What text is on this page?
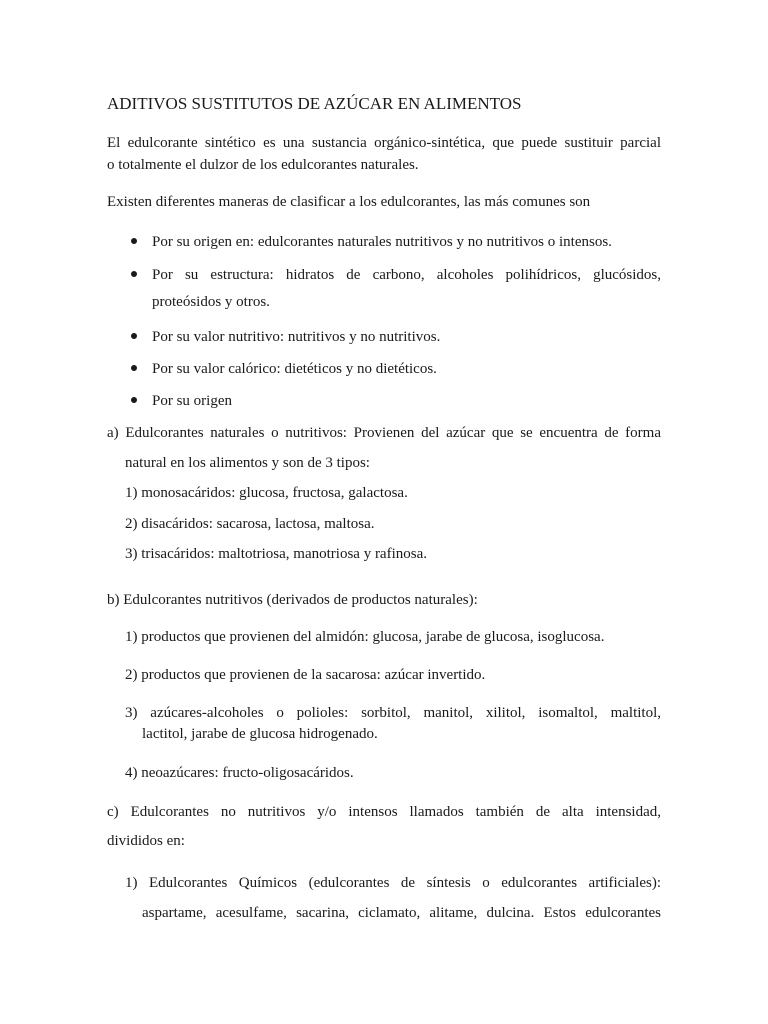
ADITIVOS SUSTITUTOS DE AZÚCAR EN ALIMENTOS
El edulcorante sintético es una sustancia orgánico-sintética, que puede sustituir parcial
o totalmente el dulzor de los edulcorantes naturales.
Existen diferentes maneras de clasificar a los edulcorantes, las más comunes son
Por su origen en: edulcorantes naturales nutritivos y no nutritivos o intensos.
Por su estructura: hidratos de carbono, alcoholes polihídricos, glucósidos,
proteósidos y otros.
Por su valor nutritivo: nutritivos y no nutritivos.
Por su valor calórico: dietéticos y no dietéticos.
Por su origen
a) Edulcorantes naturales o nutritivos: Provienen del azúcar que se encuentra de forma
natural en los alimentos y son de 3 tipos:
1) monosacáridos: glucosa, fructosa, galactosa.
2) disacáridos: sacarosa, lactosa, maltosa.
3) trisacáridos: maltotriosa, manotriosa y rafinosa.
b) Edulcorantes nutritivos (derivados de productos naturales):
1) productos que provienen del almidón: glucosa, jarabe de glucosa, isoglucosa.
2) productos que provienen de la sacarosa: azúcar invertido.
3) azúcares-alcoholes o polioles: sorbitol, manitol, xilitol, isomaltol, maltitol,
lactitol, jarabe de glucosa hidrogenado.
4) neoazúcares: fructo-oligosacáridos.
c) Edulcorantes no nutritivos y/o intensos llamados también de alta intensidad,
divididos en:
1) Edulcorantes Químicos (edulcorantes de síntesis o edulcorantes artificiales):
aspartame, acesulfame, sacarina, ciclamato, alitame, dulcina. Estos edulcorantes
